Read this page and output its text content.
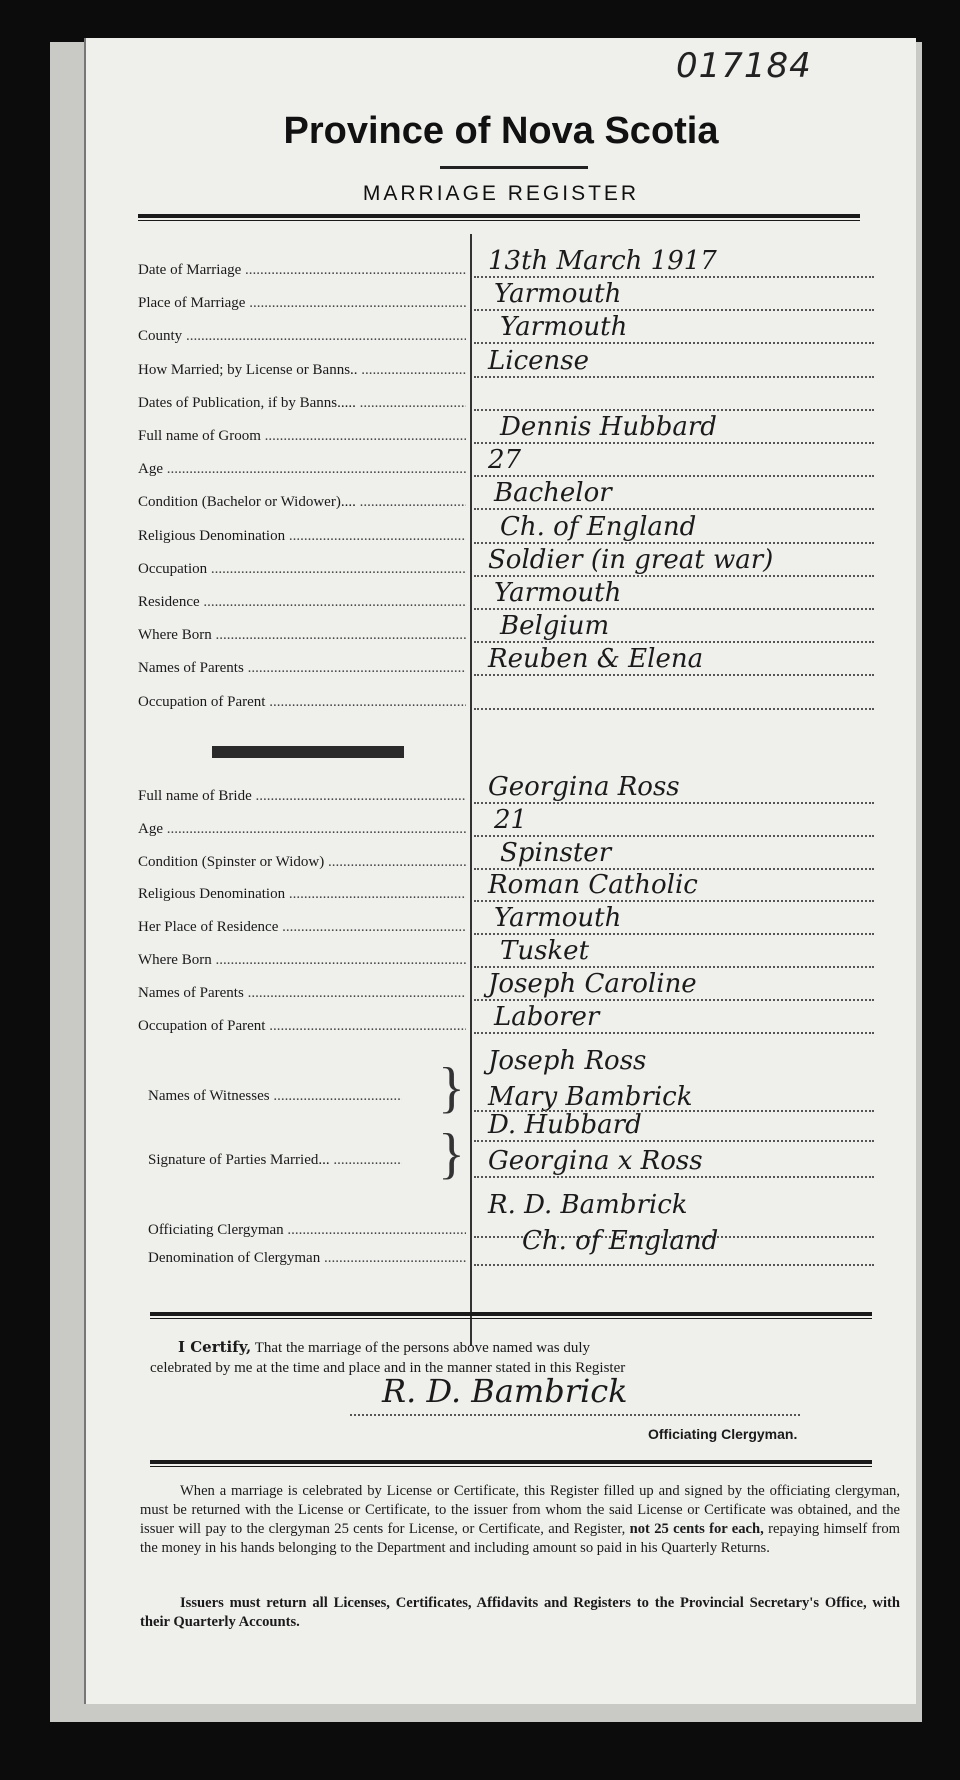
017184
Province of Nova Scotia
MARRIAGE REGISTER
Names of Witnesses .....	} Joseph Ross
Mary Bambrick
Signature of Parties Married... .....	} D. Hubbard
Georgina x Ross
Officiating Clergyman .....
R. D. Bambrick
Denomination of Clergyman .....
Ch. of England
I Certify, That the marriage of the persons above named was duly
celebrated by me at the time and place and in the manner stated in this Register
R. D. Bambrick
Officiating Clergyman.
When a marriage is celebrated by License or Certificate, this Register filled up and signed by the officiating clergyman, must be returned with the License or Certificate, to the issuer from whom the said License or Certificate was obtained, and the issuer will pay to the clergyman 25 cents for License, or Certificate, and Register, not 25 cents for each, repaying himself from the money in his hands belonging to the Department and including amount so paid in his Quarterly Returns.
Issuers must return all Licenses, Certificates, Affidavits and Registers to the Provincial Secretary's Office, with their Quarterly Accounts.
Date of Marriage .....	13th March 1917
Place of Marriage .....	Yarmouth
County .....	Yarmouth
How Married; by License or Banns.. .....	License
Dates of Publication, if by Banns..... .....
Full name of Groom .....	Dennis Hubbard
Age .....	27
Condition (Bachelor or Widower).... .....	Bachelor
Religious Denomination .....	Ch. of England
Occupation .....	Soldier (in great war)
Residence .....	Yarmouth
Where Born .....	Belgium
Names of Parents .....	Reuben & Elena
Occupation of Parent .....
Full name of Bride .....	Georgina Ross
Age .....	21
Condition (Spinster or Widow) .....	Spinster
Religious Denomination .....	Roman Catholic
Her Place of Residence .....	Yarmouth
Where Born .....	Tusket
Names of Parents .....	Joseph Caroline
Occupation of Parent .....	Laborer
